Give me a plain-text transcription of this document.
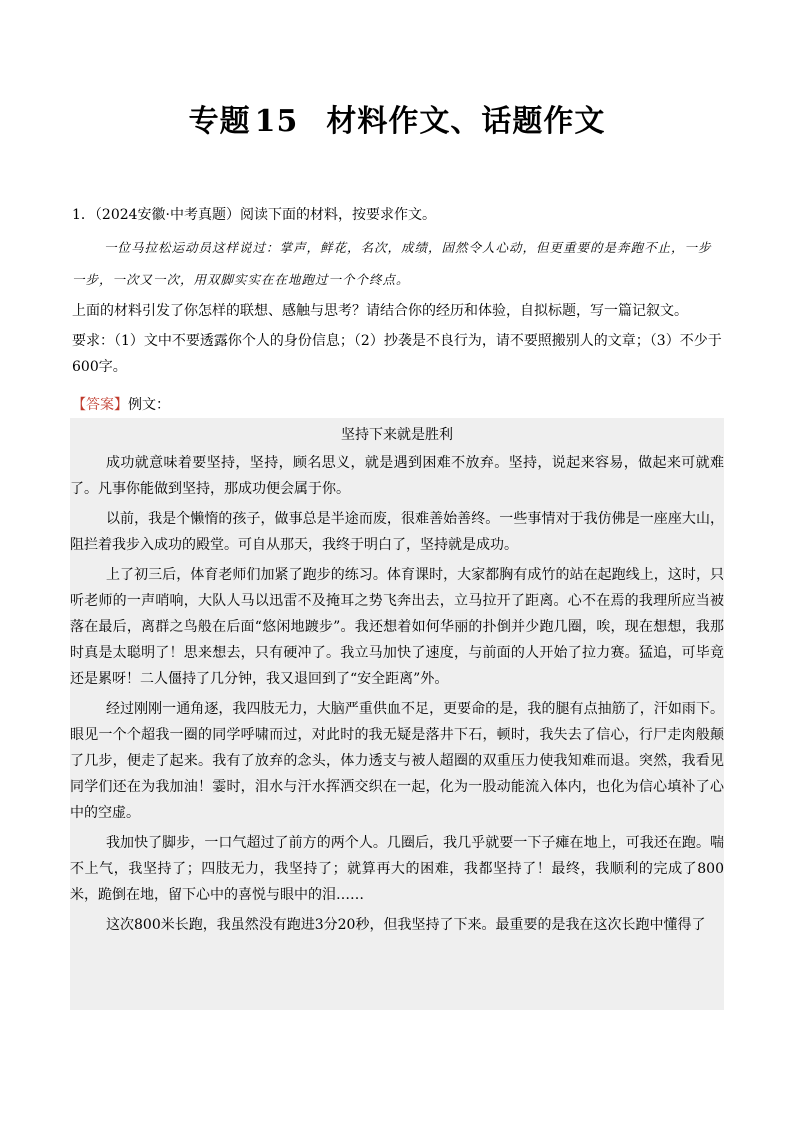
专题 15 材料作文、话题作文
1．（2024安徽·中考真题）阅读下面的材料，按要求作文。

一位马拉松运动员这样说过：掌声，鲜花，名次，成绩，固然令人心动，但更重要的是奔跑不止，一步一步，一次又一次，用双脚实实在在地跑过一个个终点。

上面的材料引发了你怎样的联想、感触与思考？请结合你的经历和体验，自拟标题，写一篇记叙文。

要求：（1）文中不要透露你个人的身份信息；（2）抄袭是不良行为，请不要照搬别人的文章；（3）不少于600字。

【答案】例文：
坚持下来就是胜利

成功就意味着要坚持，坚持，顾名思义，就是遇到困难不放弃。坚持，说起来容易，做起来可就难了。凡事你能做到坚持，那成功便会属于你。

以前，我是个懒惰的孩子，做事总是半途而废，很难善始善终。一些事情对于我仿佛是一座座大山，阻拦着我步入成功的殿堂。可自从那天，我终于明白了，坚持就是成功。

上了初三后，体育老师们加紧了跑步的练习。体育课时，大家都胸有成竹的站在起跑线上，这时，只听老师的一声哨响，大队人马以迅雷不及掩耳之势飞奔出去，立马拉开了距离。心不在焉的我理所应当被落在最后，离群之鸟般在后面“悠闲地踱步”。我还想着如何华丽的扑倒并少跑几圈，唉，现在想想，我那时真是太聪明了！思来想去，只有硬冲了。我立马加快了速度，与前面的人开始了拉力赛。猛追，可毕竟还是累呀！二人僵持了几分钟，我又退回到了“安全距离”外。

经过刚刚一通角逐，我四肢无力，大脑严重供血不足，更要命的是，我的腿有点抽筋了，汗如雨下。眼见一个个超我一圈的同学呼啸而过，对此时的我无疑是落井下石，顿时，我失去了信心，行尸走肉般颠了几步，便走了起来。我有了放弃的念头，体力透支与被人超圈的双重压力使我知难而退。突然，我看见同学们还在为我加油！霎时，泪水与汗水挥洒交织在一起，化为一股动能流入体内，也化为信心填补了心中的空虚。

我加快了脚步，一口气超过了前方的两个人。几圈后，我几乎就要一下子瘫在地上，可我还在跑。喘不上气，我坚持了；四肢无力，我坚持了；就算再大的困难，我都坚持了！最终，我顺利的完成了800米，跪倒在地，留下心中的喜悦与眼中的泪……

这次800米长跑，我虽然没有跑进3分20秒，但我坚持了下来。最重要的是我在这次长跑中懂得了
